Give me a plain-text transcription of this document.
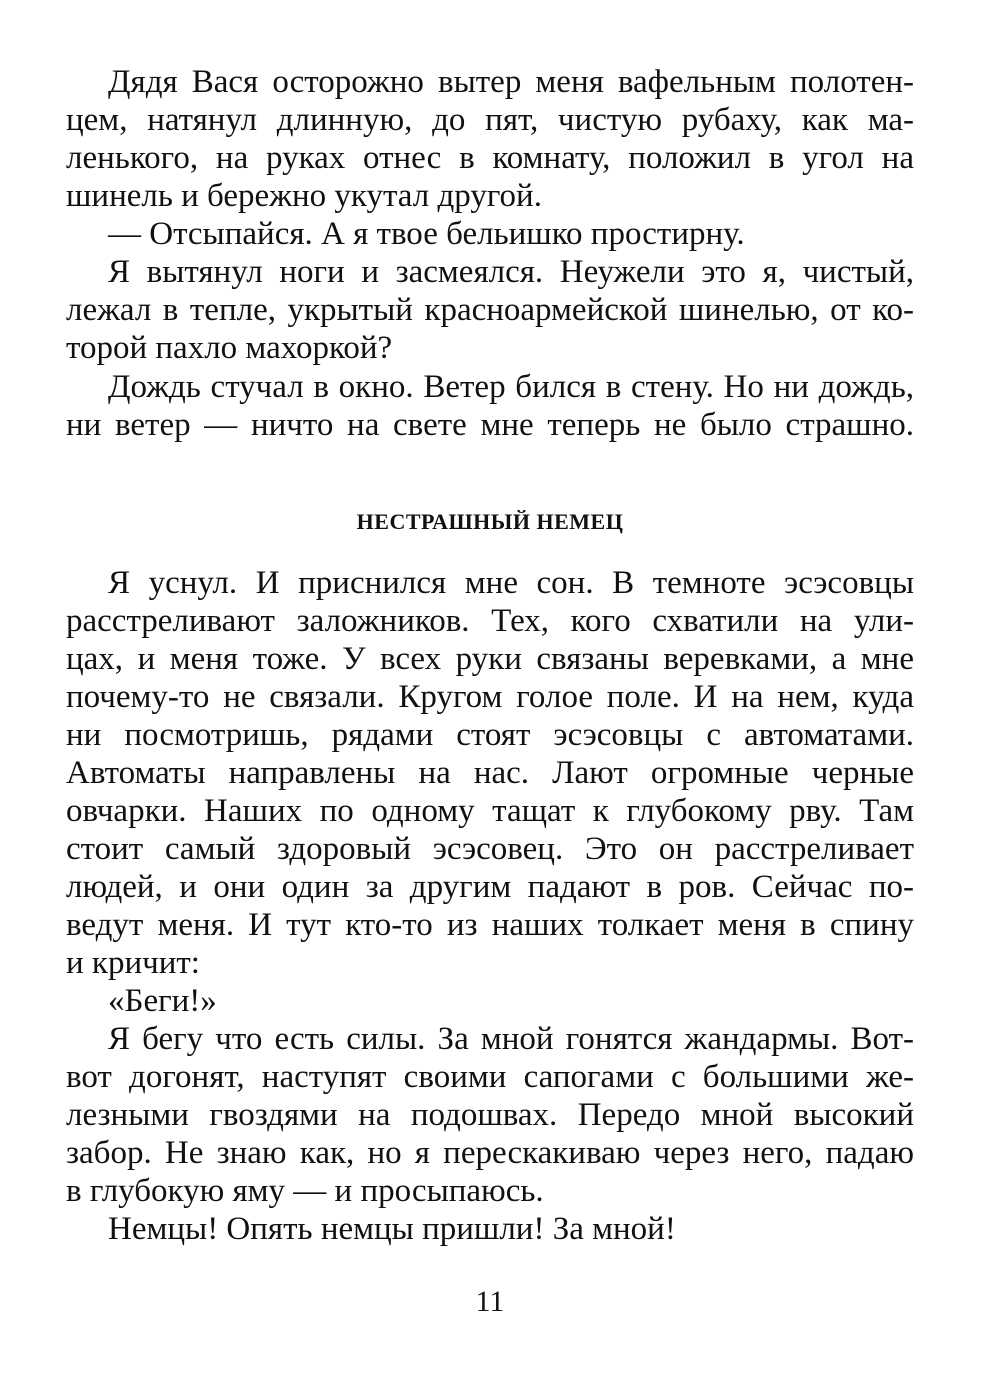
Дядя Вася осторожно вытер меня вафельным полотен-
цем, натянул длинную, до пят, чистую рубаху, как ма-
ленького, на руках отнес в комнату, положил в угол на
шинель и бережно укутал другой.
— Отсыпайся. А я твое бельишко простирну.
Я вытянул ноги и засмеялся. Неужели это я, чистый,
лежал в тепле, укрытый красноармейской шинелью, от ко-
торой пахло махоркой?
Дождь стучал в окно. Ветер бился в стену. Но ни дождь,
ни ветер — ничто на свете мне теперь не было страшно.
НЕСТРАШНЫЙ НЕМЕЦ
Я уснул. И приснился мне сон. В темноте эсэсовцы
расстреливают заложников. Тех, кого схватили на ули-
цах, и меня тоже. У всех руки связаны веревками, а мне
почему-то не связали. Кругом голое поле. И на нем, куда
ни посмотришь, рядами стоят эсэсовцы с автоматами.
Автоматы направлены на нас. Лают огромные черные
овчарки. Наших по одному тащат к глубокому рву. Там
стоит самый здоровый эсэсовец. Это он расстреливает
людей, и они один за другим падают в ров. Сейчас по-
ведут меня. И тут кто-то из наших толкает меня в спину
и кричит:
«Беги!»
Я бегу что есть силы. За мной гонятся жандармы. Вот-
вот догонят, наступят своими сапогами с большими же-
лезными гвоздями на подошвах. Передо мной высокий
забор. Не знаю как, но я перескакиваю через него, падаю
в глубокую яму — и просыпаюсь.
Немцы! Опять немцы пришли! За мной!
11
